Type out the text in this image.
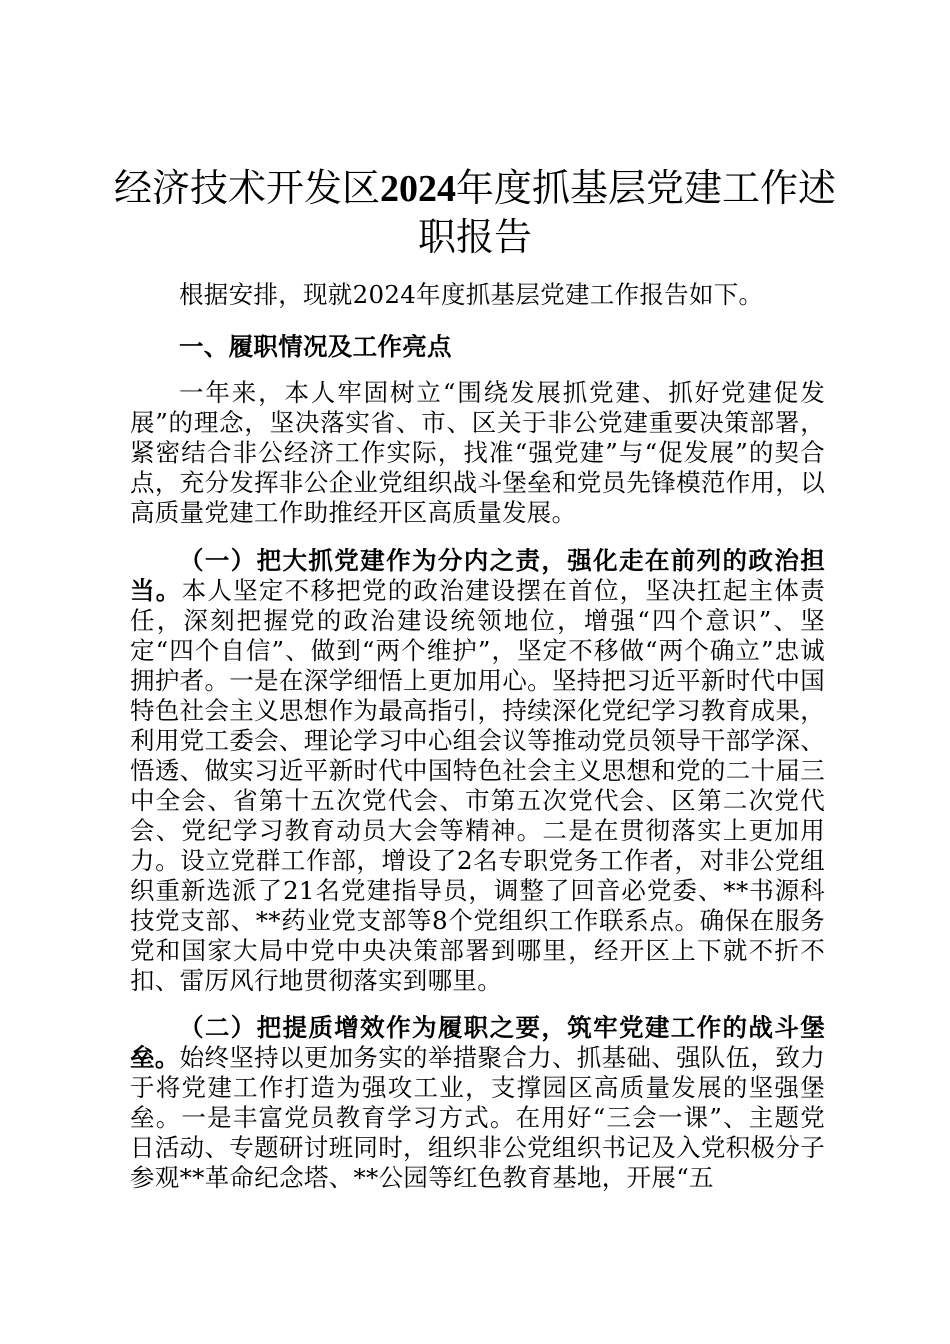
经济技术开发区2024年度抓基层党建工作述职报告

根据安排，现就2024年度抓基层党建工作报告如下。

一、履职情况及工作亮点

一年来，本人牢固树立“围绕发展抓党建、抓好党建促发展”的理念，坚决落实省、市、区关于非公党建重要决策部署，紧密结合非公经济工作实际，找准“强党建”与“促发展”的契合点，充分发挥非公企业党组织战斗堡垒和党员先锋模范作用，以高质量党建工作助推经开区高质量发展。

（一）把大抓党建作为分内之责，强化走在前列的政治担当。本人坚定不移把党的政治建设摆在首位，坚决扛起主体责任，深刻把握党的政治建设统领地位，增强“四个意识”、坚定“四个自信”、做到“两个维护”，坚定不移做“两个确立”忠诚拥护者。一是在深学细悟上更加用心。坚持把习近平新时代中国特色社会主义思想作为最高指引，持续深化党纪学习教育成果，利用党工委会、理论学习中心组会议等推动党员领导干部学深、悟透、做实习近平新时代中国特色社会主义思想和党的二十届三中全会、省第十五次党代会、市第五次党代会、区第二次党代会、党纪学习教育动员大会等精神。二是在贯彻落实上更加用力。设立党群工作部，增设了2名专职党务工作者，对非公党组织重新选派了21名党建指导员，调整了回音必党委、**书源科技党支部、**药业党支部等8个党组织工作联系点。确保在服务党和国家大局中党中央决策部署到哪里，经开区上下就不折不扣、雷厉风行地贯彻落实到哪里。

（二）把提质增效作为履职之要，筑牢党建工作的战斗堡垒。始终坚持以更加务实的举措聚合力、抓基础、强队伍，致力于将党建工作打造为强攻工业，支撑园区高质量发展的坚强堡垒。一是丰富党员教育学习方式。在用好“三会一课”、主题党日活动、专题研讨班同时，组织非公党组织书记及入党积极分子参观**革命纪念塔、**公园等红色教育基地，开展“五
